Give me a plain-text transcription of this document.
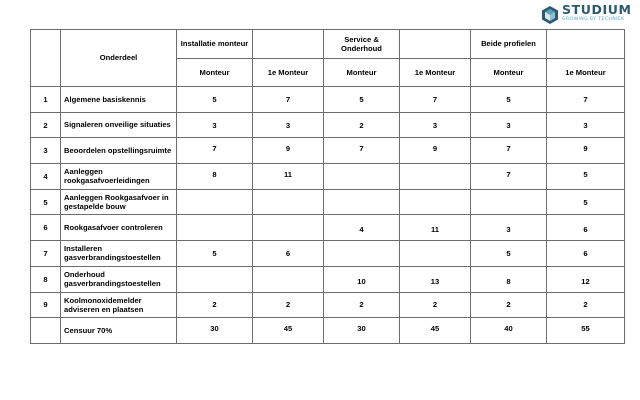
STUDIUM
GROWING BY TECHNIEK
	Onderdeel	Installatie monteur		Service & Onderhoud		Beide profielen	
		Monteur	1e Monteur	Monteur	1e Monteur	Monteur	1e Monteur
1	Algemene basiskennis	5	7	5	7	5	7
2	Signaleren onveilige situaties	3	3	2	3	3	3
3	Beoordelen opstellingsruimte	7	9	7	9	7	9
4	Aanleggen rookgasafvoerleidingen	8	11			7	5
5	Aanleggen Rookgasafvoer in gestapelde bouw						5
6	Rookgasafvoer controleren			4	11	3	6
7	Installeren gasverbrandingstoestellen	5	6			5	6
8	Onderhoud gasverbrandingstoestellen			10	13	8	12
9	Koolmonoxidemelder adviseren en plaatsen	2	2	2	2	2	2
	Censuur 70%	30	45	30	45	40	55
